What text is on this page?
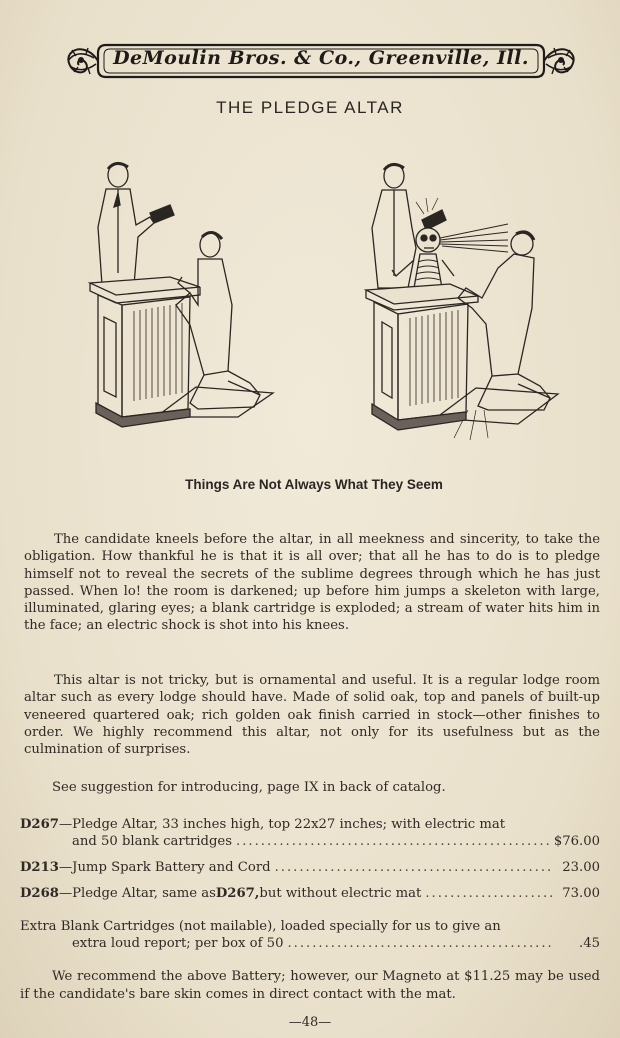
DeMoulin Bros. & Co., Greenville, Ill.
THE PLEDGE ALTAR
Things Are Not Always What They Seem
The candidate kneels before the altar, in all meekness and sincerity, to take the obligation. How thankful he is that it is all over; that all he has to do is to pledge himself not to reveal the secrets of the sublime degrees through which he has just passed. When lo! the room is darkened; up before him jumps a skeleton with large, illuminated, glaring eyes; a blank cartridge is exploded; a stream of water hits him in the face; an electric shock is shot into his knees.
This altar is not tricky, but is ornamental and useful. It is a regular lodge room altar such as every lodge should have. Made of solid oak, top and panels of built-up veneered quartered oak; rich golden oak finish carried in stock—other finishes to order. We highly recommend this altar, not only for its usefulness but as the culmination of surprises.
See suggestion for introducing, page IX in back of catalog.
D267 —Pledge Altar, 33 inches high, top 22x27 inches; with electric mat
and 50 blank cartridges .....	$76.00
D213 —Jump Spark Battery and Cord .....	23.00
D268 —Pledge Altar, same as D267, but without electric mat .....	73.00
Extra Blank Cartridges (not mailable), loaded specially for us to give an
extra loud report; per box of 50 .....	.45
We recommend the above Battery; however, our Magneto at $11.25 may be used if the candidate's bare skin comes in direct contact with the mat.
—48—
